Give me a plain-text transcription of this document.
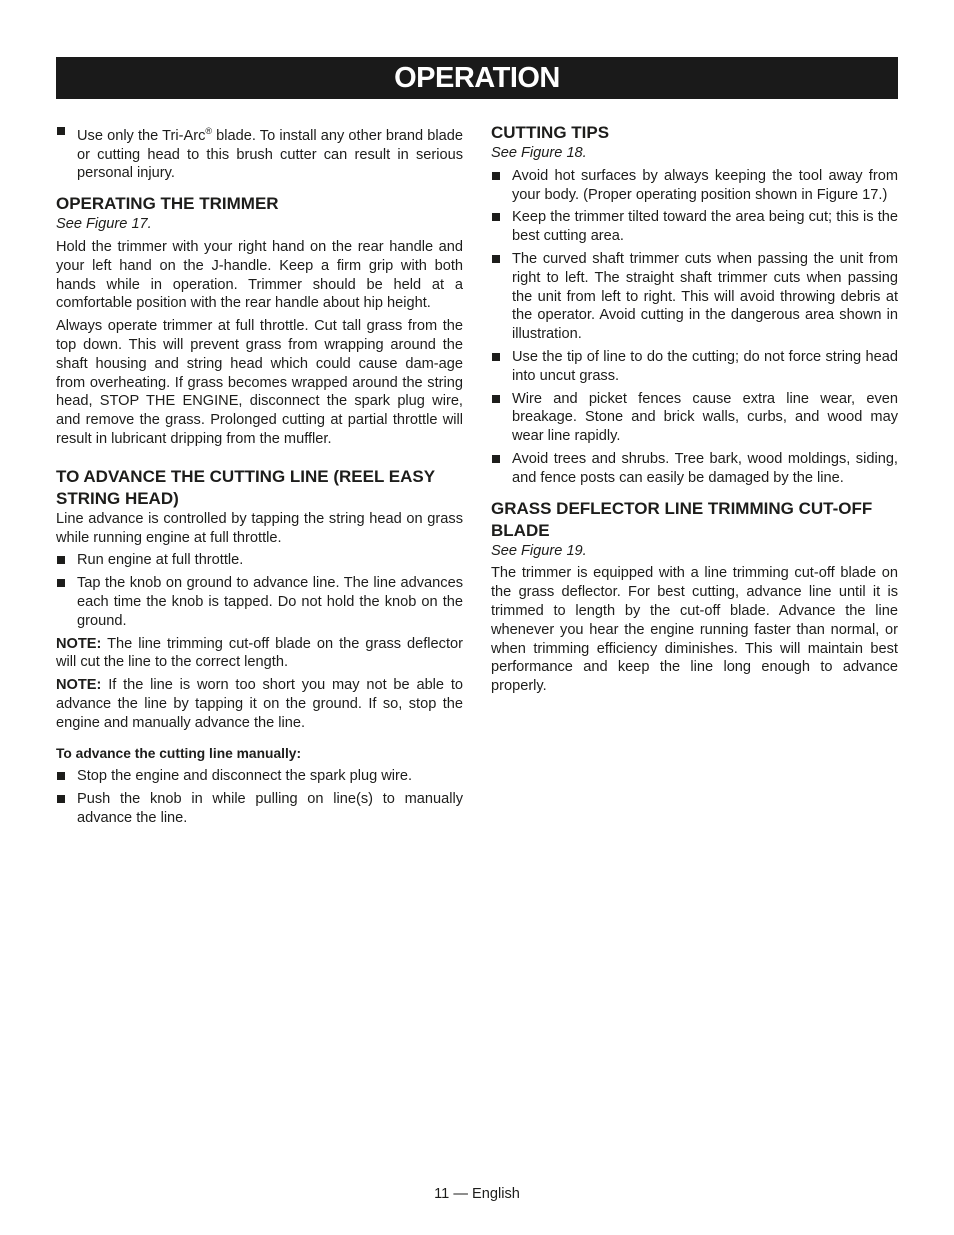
OPERATION
Use only the Tri-Arc® blade. To install any other brand blade or cutting head to this brush cutter can result in serious personal injury.
OPERATING THE TRIMMER
See Figure 17.

Hold the trimmer with your right hand on the rear handle and your left hand on the J-handle. Keep a firm grip with both hands while in operation. Trimmer should be held at a comfortable position with the rear handle about hip height.

Always operate trimmer at full throttle. Cut tall grass from the top down. This will prevent grass from wrapping around the shaft housing and string head which could cause dam-age from overheating. If grass becomes wrapped around the string head, STOP THE ENGINE, disconnect the spark plug wire, and remove the grass. Prolonged cutting at partial throttle will result in lubricant dripping from the muffler.

TO ADVANCE THE CUTTING LINE (REEL EASY STRING HEAD)

Line advance is controlled by tapping the string head on grass while running engine at full throttle.

Run engine at full throttle.
Tap the knob on ground to advance line. The line advances each time the knob is tapped. Do not hold the knob on the ground.

NOTE: The line trimming cut-off blade on the grass deflector will cut the line to the correct length.

NOTE: If the line is worn too short you may not be able to advance the line by tapping it on the ground. If so, stop the engine and manually advance the line.

To advance the cutting line manually:
Stop the engine and disconnect the spark plug wire.
Push the knob in while pulling on line(s) to manually advance the line.
CUTTING TIPS
See Figure 18.
Avoid hot surfaces by always keeping the tool away from your body. (Proper operating position shown in Figure 17.)
Keep the trimmer tilted toward the area being cut; this is the best cutting area.
The curved shaft trimmer cuts when passing the unit from right to left. The straight shaft trimmer cuts when passing the unit from left to right. This will avoid throwing debris at the operator. Avoid cutting in the dangerous area shown in illustration.
Use the tip of line to do the cutting; do not force string head into uncut grass.
Wire and picket fences cause extra line wear, even breakage. Stone and brick walls, curbs, and wood may wear line rapidly.
Avoid trees and shrubs. Tree bark, wood moldings, siding, and fence posts can easily be damaged by the line.
GRASS DEFLECTOR LINE TRIMMING CUT-OFF BLADE
See Figure 19.

The trimmer is equipped with a line trimming cut-off blade on the grass deflector. For best cutting, advance line until it is trimmed to length by the cut-off blade. Advance the line whenever you hear the engine running faster than normal, or when trimming efficiency diminishes. This will maintain best performance and keep the line long enough to advance properly.

11 — English
